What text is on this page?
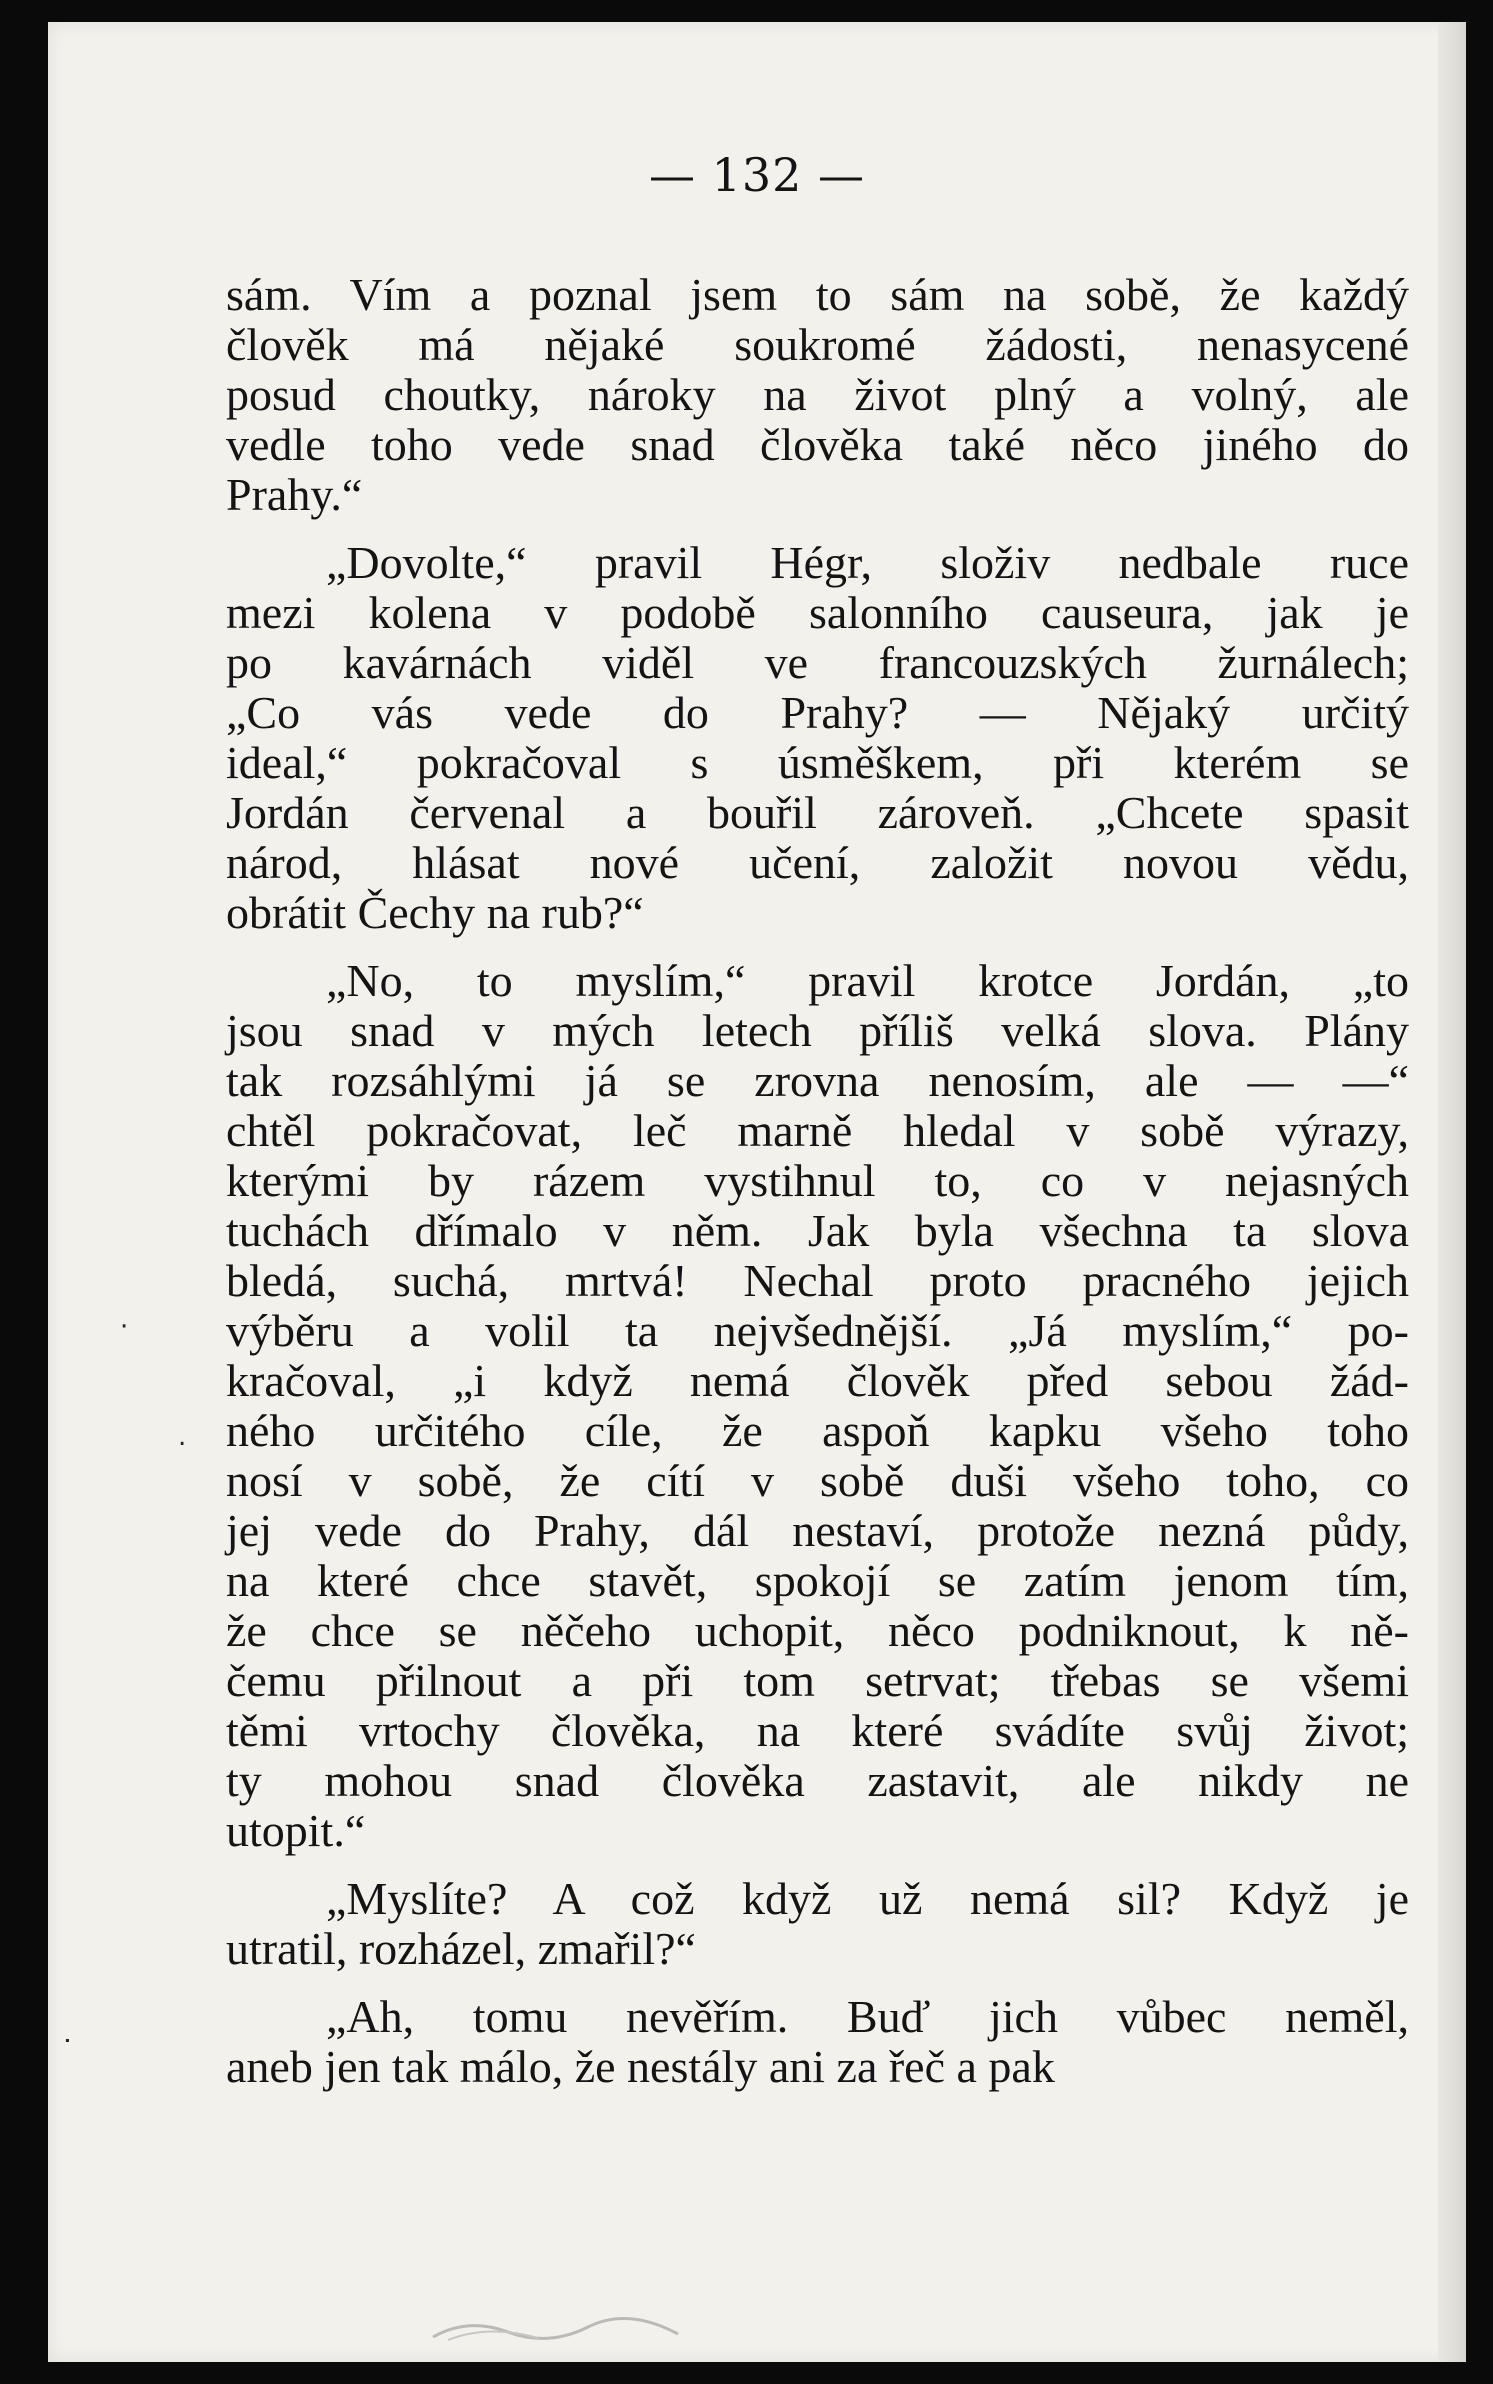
— 132 —
sám. Vím a poznal jsem to sám na sobě, že každý
člověk má nějaké soukromé žádosti, nenasycené
posud choutky, nároky na život plný a volný, ale
vedle toho vede snad člověka také něco jiného do
Prahy.“
„Dovolte,“ pravil Hégr, složiv nedbale ruce
mezi kolena v podobě salonního causeura, jak je
po kavárnách viděl ve francouzských žurnálech;
„Co vás vede do Prahy? — Nějaký určitý
ideal,“ pokračoval s úsměškem, při kterém se
Jordán červenal a bouřil zároveň. „Chcete spasit
národ, hlásat nové učení, založit novou vědu,
obrátit Čechy na rub?“
„No, to myslím,“ pravil krotce Jordán, „to
jsou snad v mých letech příliš velká slova. Plány
tak rozsáhlými já se zrovna nenosím, ale — —“
chtěl pokračovat, leč marně hledal v sobě výrazy,
kterými by rázem vystihnul to, co v nejasných
tuchách dřímalo v něm. Jak byla všechna ta slova
bledá, suchá, mrtvá! Nechal proto pracného jejich
výběru a volil ta nejvšednější. „Já myslím,“ po-
kračoval, „i když nemá člověk před sebou žád-
ného určitého cíle, že aspoň kapku všeho toho
nosí v sobě, že cítí v sobě duši všeho toho, co
jej vede do Prahy, dál nestaví, protože nezná půdy,
na které chce stavět, spokojí se zatím jenom tím,
že chce se něčeho uchopit, něco podniknout, k ně-
čemu přilnout a při tom setrvat; třebas se všemi
těmi vrtochy člověka, na které svádíte svůj život;
ty mohou snad člověka zastavit, ale nikdy ne
utopit.“
„Myslíte? A což když už nemá sil? Když je
utratil, rozházel, zmařil?“
„Ah, tomu nevěřím. Buď jich vůbec neměl,
aneb jen tak málo, že nestály ani za řeč a pak
·
.
ᐝ
